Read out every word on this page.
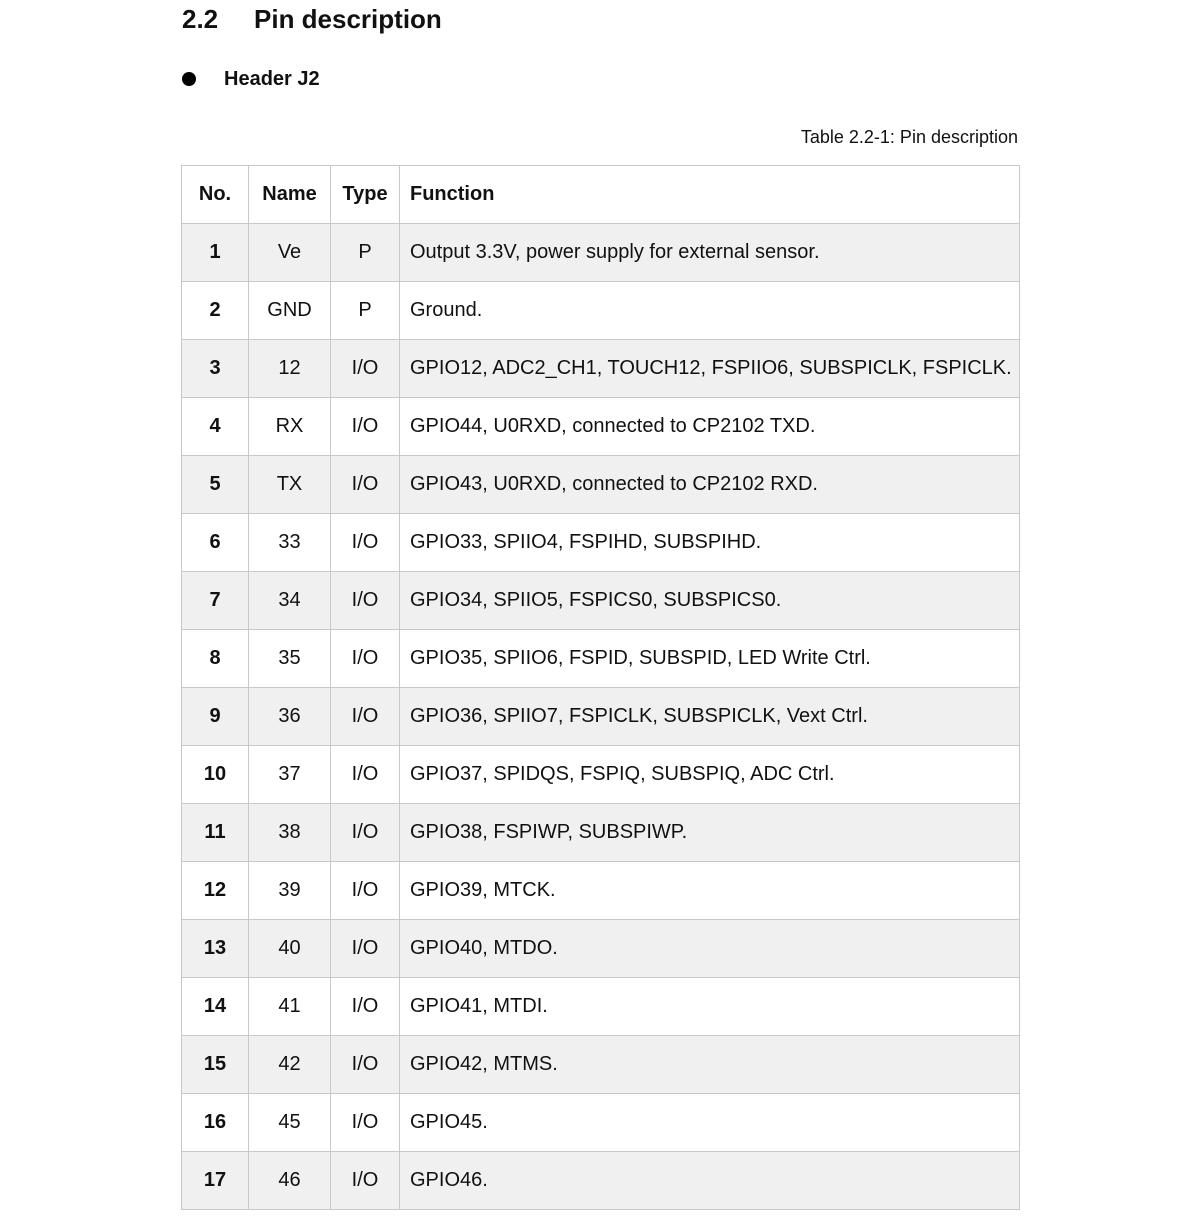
2.2 Pin description
Header J2
Table 2.2-1: Pin description
No.	Name	Type	Function
1	Ve	P	Output 3.3V, power supply for external sensor.
2	GND	P	Ground.
3	12	I/O	GPIO12, ADC2_CH1, TOUCH12, FSPIIO6, SUBSPICLK, FSPICLK.
4	RX	I/O	GPIO44, U0RXD, connected to CP2102 TXD.
5	TX	I/O	GPIO43, U0RXD, connected to CP2102 RXD.
6	33	I/O	GPIO33, SPIIO4, FSPIHD, SUBSPIHD.
7	34	I/O	GPIO34, SPIIO5, FSPICS0, SUBSPICS0.
8	35	I/O	GPIO35, SPIIO6, FSPID, SUBSPID, LED Write Ctrl.
9	36	I/O	GPIO36, SPIIO7, FSPICLK, SUBSPICLK, Vext Ctrl.
10	37	I/O	GPIO37, SPIDQS, FSPIQ, SUBSPIQ, ADC Ctrl.
11	38	I/O	GPIO38, FSPIWP, SUBSPIWP.
12	39	I/O	GPIO39, MTCK.
13	40	I/O	GPIO40, MTDO.
14	41	I/O	GPIO41, MTDI.
15	42	I/O	GPIO42, MTMS.
16	45	I/O	GPIO45.
17	46	I/O	GPIO46.
